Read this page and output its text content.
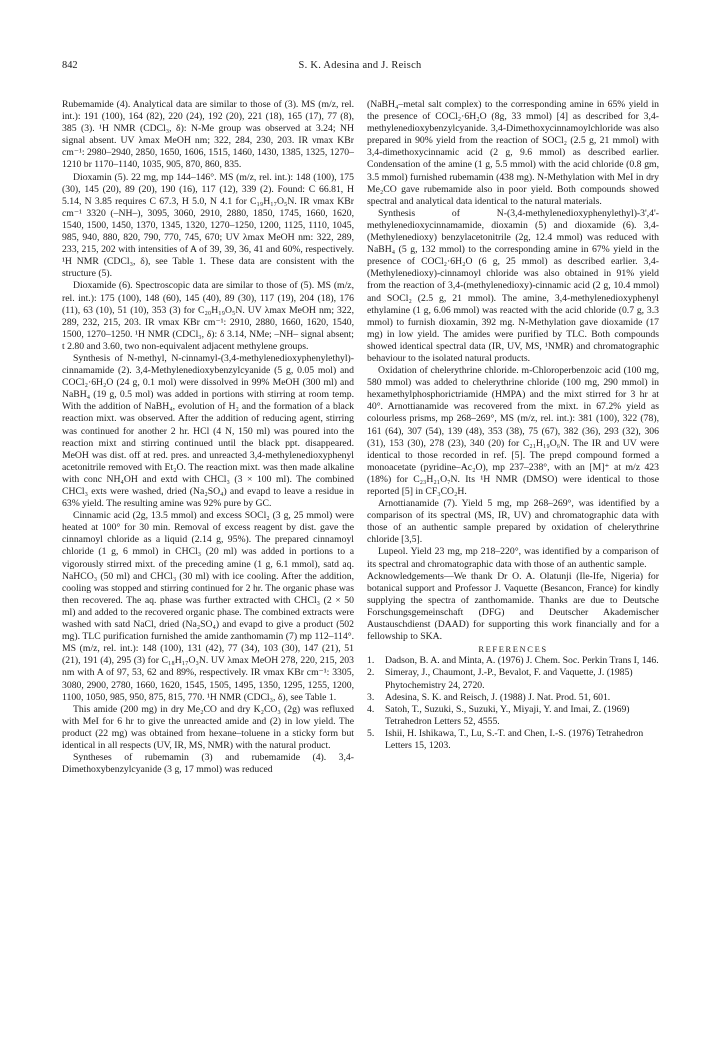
842	S. K. Adesina and J. Reisch

Rubemamide (4). Analytical data are similar to those of (3). MS (m/z, rel. int.): 191 (100), 164 (82), 220 (24), 192 (20), 221 (18), 165 (17), 77 (8), 385 (3). ¹H NMR (CDCl₃, δ): N-Me group was observed at 3.24; NH signal absent. UV λmax MeOH nm; 322, 284, 230, 203. IR νmax KBr cm⁻¹: 2980–2940, 2850, 1650, 1606, 1515, 1460, 1430, 1385, 1325, 1270–1210 br 1170–1140, 1035, 905, 870, 860, 835.

Dioxamin (5). 22 mg, mp 144–146°. MS (m/z, rel. int.): 148 (100), 175 (30), 145 (20), 89 (20), 190 (16), 117 (12), 339 (2). Found: C 66.81, H 5.14, N 3.85 requires C 67.3, H 5.0, N 4.1 for C₁₉H₁₇O₅N. IR νmax KBr cm⁻¹ 3320 (–NH–), 3095, 3060, 2910, 2880, 1850, 1745, 1660, 1620, 1540, 1500, 1450, 1370, 1345, 1320, 1270–1250, 1200, 1125, 1110, 1045, 985, 940, 880, 820, 790, 770, 745, 670; UV λmax MeOH nm: 322, 289, 233, 215, 202 with intensities of A of 39, 39, 36, 41 and 60%, respectively. ¹H NMR (CDCl₃, δ), see Table 1. These data are consistent with the structure (5).

Dioxamide (6). Spectroscopic data are similar to those of (5). MS (m/z, rel. int.): 175 (100), 148 (60), 145 (40), 89 (30), 117 (19), 204 (18), 176 (11), 63 (10), 51 (10), 353 (3) for C₂₀H₁₉O₅N. UV λmax MeOH nm; 322, 289, 232, 215, 203. IR νmax KBr cm⁻¹: 2910, 2880, 1660, 1620, 1540, 1500, 1270–1250. ¹H NMR (CDCl₃, δ): δ 3.14, NMe; –NH– signal absent; t 2.80 and 3.60, two non-equivalent adjacent methylene groups.

Synthesis of N-methyl, N-cinnamyl-(3,4-methylenedioxyphenylethyl)-cinnamamide (2). 3,4-Methylenedioxybenzylcyanide (5 g, 0.05 mol) and COCl₂·6H₂O (24 g, 0.1 mol) were dissolved in 99% MeOH (300 ml) and NaBH₄ (19 g, 0.5 mol) was added in portions with stirring at room temp. With the addition of NaBH₄, evolution of H₂ and the formation of a black reaction mixt. was observed. After the addition of reducing agent, stirring was continued for another 2 hr. HCl (4 N, 150 ml) was poured into the reaction mixt and stirring continued until the black ppt. disappeared. MeOH was dist. off at red. pres. and unreacted 3,4-methylenedioxyphenyl acetonitrile removed with Et₂O. The reaction mixt. was then made alkaline with conc NH₄OH and extd with CHCl₃ (3 × 100 ml). The combined CHCl₃ exts were washed, dried (Na₂SO₄) and evapd to leave a residue in 63% yield. The resulting amine was 92% pure by GC.

Cinnamic acid (2g, 13.5 mmol) and excess SOCl₂ (3 g, 25 mmol) were heated at 100° for 30 min. Removal of excess reagent by dist. gave the cinnamoyl chloride as a liquid (2.14 g, 95%). The prepared cinnamoyl chloride (1 g, 6 mmol) in CHCl₃ (20 ml) was added in portions to a vigorously stirred mixt. of the preceding amine (1 g, 6.1 mmol), satd aq. NaHCO₃ (50 ml) and CHCl₃ (30 ml) with ice cooling. After the addition, cooling was stopped and stirring continued for 2 hr. The organic phase was then recovered. The aq. phase was further extracted with CHCl₃ (2 × 50 ml) and added to the recovered organic phase. The combined extracts were washed with satd NaCl, dried (Na₂SO₄) and evapd to give a product (502 mg). TLC purification furnished the amide zanthomamin (7) mp 112–114°. MS (m/z, rel. int.): 148 (100), 131 (42), 77 (34), 103 (30), 147 (21), 51 (21), 191 (4), 295 (3) for C₁₈H₁₇O₃N. UV λmax MeOH 278, 220, 215, 203 nm with A of 97, 53, 62 and 89%, respectively. IR νmax KBr cm⁻¹: 3305, 3080, 2900, 2780, 1660, 1620, 1545, 1505, 1495, 1350, 1295, 1255, 1200, 1100, 1050, 985, 950, 875, 815, 770. ¹H NMR (CDCl₃, δ), see Table 1.

This amide (200 mg) in dry Me₂CO and dry K₂CO₃ (2g) was refluxed with MeI for 6 hr to give the unreacted amide and (2) in low yield. The product (22 mg) was obtained from hexane–toluene in a sticky form but identical in all respects (UV, IR, MS, NMR) with the natural product.

Syntheses of rubemamin (3) and rubemamide (4). 3,4-Dimethoxybenzylcyanide (3 g, 17 mmol) was reduced

(NaBH₄–metal salt complex) to the corresponding amine in 65% yield in the presence of COCl₂·6H₂O (8g, 33 mmol) [4] as described for 3,4-methylenedioxybenzylcyanide. 3,4-Dimethoxycinnamoylchloride was also prepared in 90% yield from the reaction of SOCl₂ (2.5 g, 21 mmol) with 3,4-dimethoxycinnamic acid (2 g, 9.6 mmol) as described earlier. Condensation of the amine (1 g, 5.5 mmol) with the acid chloride (0.8 gm, 3.5 mmol) furnished rubemamin (438 mg). N-Methylation with MeI in dry Me₂CO gave rubemamide also in poor yield. Both compounds showed spectral and analytical data identical to the natural materials.

Synthesis of N-(3,4-methylenedioxyphenylethyl)-3',4'-methylenedioxycinnamamide, dioxamin (5) and dioxamide (6). 3,4-(Methylenedioxy) benzylacetonitrile (2g, 12.4 mmol) was reduced with NaBH₄ (5 g, 132 mmol) to the corresponding amine in 67% yield in the presence of COCl₂·6H₂O (6 g, 25 mmol) as described earlier. 3,4-(Methylenedioxy)-cinnamoyl chloride was also obtained in 91% yield from the reaction of 3,4-(methylenedioxy)-cinnamic acid (2 g, 10.4 mmol) and SOCl₂ (2.5 g, 21 mmol). The amine, 3,4-methylenedioxyphenyl ethylamine (1 g, 6.06 mmol) was reacted with the acid chloride (0.7 g, 3.3 mmol) to furnish dioxamin, 392 mg. N-Methylation gave dioxamide (17 mg) in low yield. The amides were purified by TLC. Both compounds showed identical spectral data (IR, UV, MS, ¹NMR) and chromatographic behaviour to the isolated natural products.

Oxidation of chelerythrine chloride. m-Chloroperbenzoic acid (100 mg, 580 mmol) was added to chelerythrine chloride (100 mg, 290 mmol) in hexamethylphosphorictriamide (HMPA) and the mixt stirred for 3 hr at 40°. Arnottianamide was recovered from the mixt. in 67.2% yield as colourless prisms, mp 268–269°, MS (m/z, rel. int.): 381 (100), 322 (78), 161 (64), 307 (54), 139 (48), 353 (38), 75 (67), 382 (36), 293 (32), 306 (31), 153 (30), 278 (23), 340 (20) for C₂₁H₁₉O₆N. The IR and UV were identical to those recorded in ref. [5]. The prepd compound formed a monoacetate (pyridine–Ac₂O), mp 237–238°, with an [M]⁺ at m/z 423 (18%) for C₂₃H₂₁O₇N. Its ¹H NMR (DMSO) were identical to those reported [5] in CF₃CO₂H.

Arnottianamide (7). Yield 5 mg, mp 268–269°, was identified by a comparison of its spectral (MS, IR, UV) and chromatographic data with those of an authentic sample prepared by oxidation of chelerythrine chloride [3,5].

Lupeol. Yield 23 mg, mp 218–220°, was identified by a comparison of its spectral and chromatographic data with those of an authentic sample.

Acknowledgements—We thank Dr O. A. Olatunji (Ile-Ife, Nigeria) for botanical support and Professor J. Vaquette (Besancon, France) for kindly supplying the spectra of zanthomamide. Thanks are due to Deutsche Forschungsgemeinschaft (DFG) and Deutscher Akademischer Austauschdienst (DAAD) for supporting this work financially and for a fellowship to SKA.

REFERENCES

1. Dadson, B. A. and Minta, A. (1976) J. Chem. Soc. Perkin Trans I, 146.
2. Simeray, J., Chaumont, J.-P., Bevalot, F. and Vaquette, J. (1985) Phytochemistry 24, 2720.
3. Adesina, S. K. and Reisch, J. (1988) J. Nat. Prod. 51, 601.
4. Satoh, T., Suzuki, S., Suzuki, Y., Miyaji, Y. and Imai, Z. (1969) Tetrahedron Letters 52, 4555.
5. Ishii, H. Ishikawa, T., Lu, S.-T. and Chen, I.-S. (1976) Tetrahedron Letters 15, 1203.
